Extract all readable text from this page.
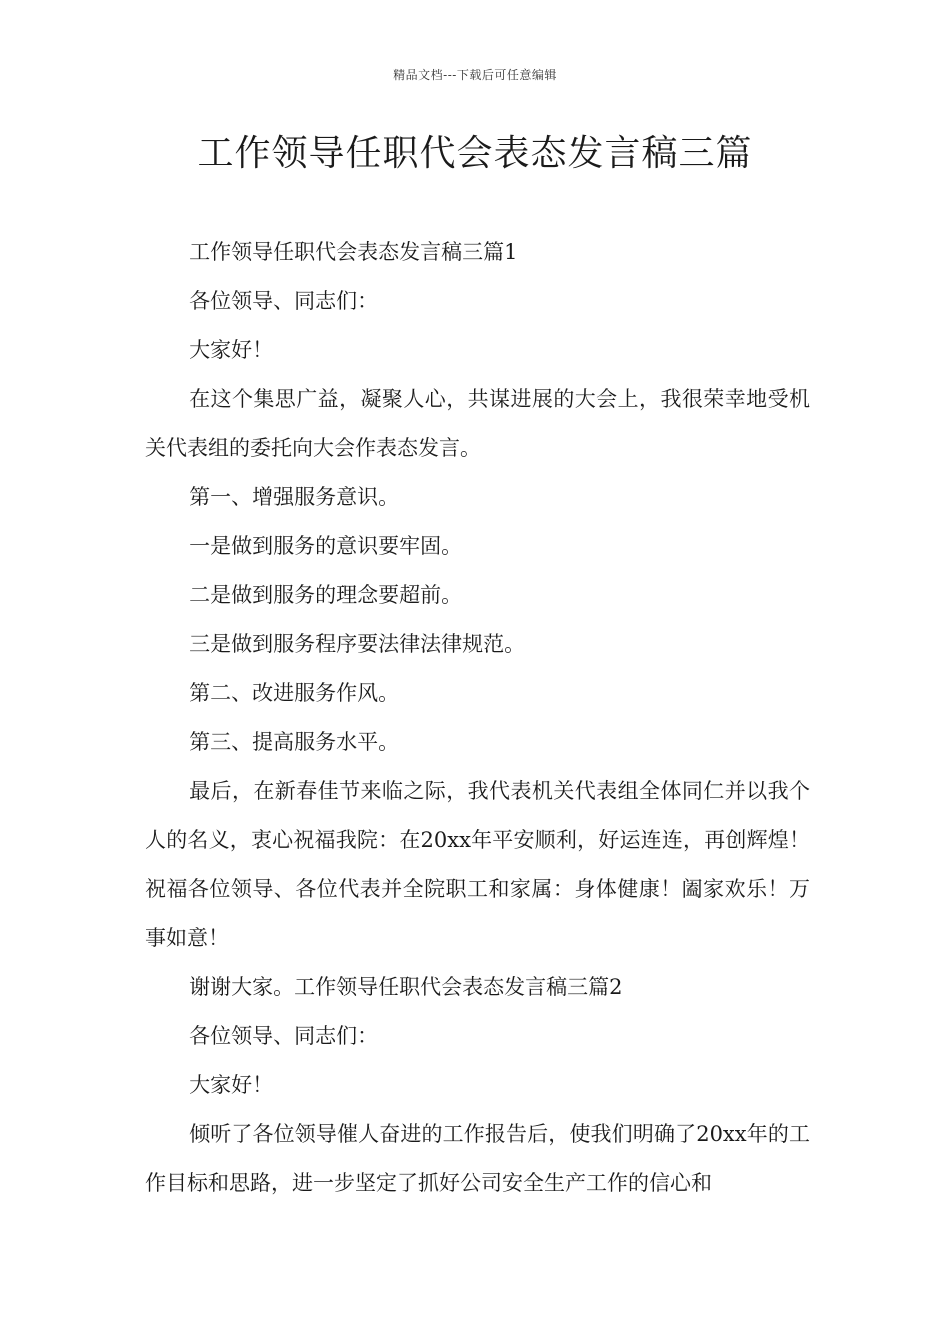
精品文档---下载后可任意编辑
工作领导任职代会表态发言稿三篇

工作领导任职代会表态发言稿三篇1

各位领导、同志们：

大家好！

在这个集思广益，凝聚人心，共谋进展的大会上，我很荣幸地受机关代表组的委托向大会作表态发言。

第一、增强服务意识。

一是做到服务的意识要牢固。

二是做到服务的理念要超前。

三是做到服务程序要法律法律规范。

第二、改进服务作风。

第三、提高服务水平。

最后，在新春佳节来临之际，我代表机关代表组全体同仁并以我个人的名义，衷心祝福我院：在20xx年平安顺利，好运连连，再创辉煌！祝福各位领导、各位代表并全院职工和家属：身体健康！阖家欢乐！万事如意！

谢谢大家。工作领导任职代会表态发言稿三篇2

各位领导、同志们：

大家好！

倾听了各位领导催人奋进的工作报告后，使我们明确了20xx年的工作目标和思路，进一步坚定了抓好公司安全生产工作的信心和
